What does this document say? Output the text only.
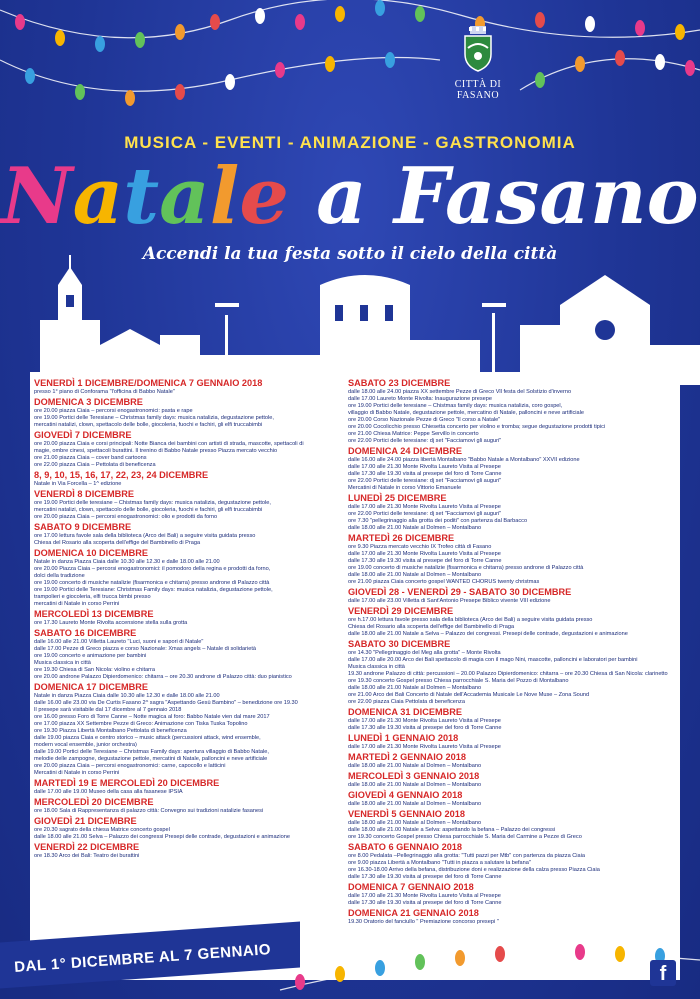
CITTÀ DI FASANO
MUSICA - EVENTI - ANIMAZIONE - GASTRONOMIA
Natale a Fasano
Accendi la tua festa sotto il cielo della città
VENERDÌ 1 DICEMBRE/DOMENICA 7 GENNAIO 2018
presso 1° piano di Conforama "l'officina di Babbo Natale"
DOMENICA 3 DICEMBRE
ore 20.00 piazza Ciaia – percorsi enogastronomici: pasta e rape
ore 19.00 Portici delle Teresiane – Christmas family days: musica natalizia, degustazione pettole,
mercatini natalizi, clown, spettacolo delle bolle, giocoleria, fuochi e fachiri, gli elfi truccabimbi
GIOVEDÌ 7 DICEMBRE
ore 20.00 piazza Ciaia e corsi principali: Notte Bianca dei bambini con artisti di strada, mascotte, spettacoli di
magie, ombre cinesi, spettacoli burattini. Il trenino di Babbo Natale presso Piazza mercato vecchio
ore 21.00 piazza Ciaia – cover band cartoons
ore 22.00 piazza Ciaia – Pettolata di beneficenza
8, 9, 10, 15, 16, 17, 22, 23, 24 DICEMBRE
Natale in Via Forcella – 1^ edizione
VENERDÌ 8 DICEMBRE
ore 19.00 Portici delle teresiane – Chistmas family days: musica natalizia, degustazione pettole,
mercatini natalizi, clown, spettacolo delle bolle, giocoleria, fuochi e fachiri, gli elfi truccabimbi
ore 20.00 piazza Ciaia – percorsi enogastronomici: olio e prodotti da forno
SABATO 9 DICEMBRE
ore 17.00 lettura favole sala della biblioteca (Arco dei Bali) a seguire visita guidata presso
Chiesa del Rosario alla scoperta dell'effige del Bambinello di Praga
DOMENICA 10 DICEMBRE
Natale in danza Piazza Ciaia dalle 10.30 alle 12.30 e dalle 18.00 alle 21.00
ore 20.00 Piazza Ciaia – percorsi enogastronomici: il pomodoro della regina e prodotti da forno,
dolci della tradizione
ore 19.00 concerto di musiche natalizie (fisarmonica e chitarra) presso androne di Palazzo città
ore 19.00 Portici delle Teresiane: Christmas Family days: musica natalizia, degustazione pettole,
trampolieri e giocoleria, elfi trucca bimbi presso
mercatini di Natale in corso Perrini
MERCOLEDÌ 13 DICEMBRE
ore 17.30 Laureto Monte Rivolta accensione stella sulla grotta
SABATO 16 DICEMBRE
dalle 16.00 alle 21.00 Villetta Laureto "Luci, suoni e sapori di Natale"
dalle 17.00 Pezze di Greco piazza e corso Nazionale: Xmas angels – Natale di solidarietà
ore 19.00 concerto e animazione per bambini
Musica classica in città
ore 19.30 Chiesa di San Nicola: violino e chitarra
ore 20.00 androne Palazzo Dipierdomenico: chitarra – ore 20.30 androne di Palazzo città: duo pianistico
DOMENICA 17 DICEMBRE
Natale in danza Piazza Ciaia dalle 10.30 alle 12.30 e dalle 18.00 alle 21.00
dalle 16.00 alle 23.00 via De Curtis Fasano 2^ sagra "Aspettando Gesù Bambino" – benedizione ore 19.30
Il presepe sarà visitabile dal 17 dicembre al 7 gennaio 2018
ore 16.00 presso Foro di Torre Canne – Notte magica al foro: Babbo Natale vien dal mare 2017
ore 17.00 piazza XX Settembre Pezze di Greco: Animazione con Tiska Tuska Topolino
ore 19.30 Piazza Libertà Montalbano Pettolata di beneficenza
dalle 19.00 piazza Ciaia e centro storico – music attack (percussioni attack, wind ensemble,
modern vocal ensemble, junior orchestra)
dalle 19.00 Portici delle Teresiane – Christmas Family days: apertura villaggio di Babbo Natale,
melodie delle zampogne, degustazione pettole, mercatini di Natale, palloncini e neve artificiale
ore 20.00 piazza Ciaia – percorsi enogastronomici: carne, capocollo e latticini
Mercatini di Natale in corso Perrini
MARTEDÌ 19 E MERCOLEDÌ 20 DICEMBRE
dalle 17.00 alle 19.00 Museo della casa alla fasanese IPSIA
MERCOLEDÌ 20 DICEMBRE
ore 18.00 Sala di Rappresentanza di palazzo città: Convegno sui tradizioni natalizie fasanesi
GIOVEDÌ 21 DICEMBRE
ore 20.30 sagrato della chiesa Matrice concerto gospel
dalle 18.00 alle 21.00 Selva – Palazzo dei congressi Presepi delle contrade, degustazioni e animazione
VENERDÌ 22 DICEMBRE
ore 18.30 Arco dei Bali: Teatro dei burattini
SABATO 23 DICEMBRE
dalle 18.00 alle 24.00 piazza XX settembre Pezze di Greco Vll festa del Solstizio d'inverno
dalle 17.00 Laureto Monte Rivolta: Inaugurazione presepe
ore 19.00 Portici delle teresiane – Chistmas family days: musica natalizia, coro gospel,
villaggio di Babbo Natale, degustazione pettole, mercatino di Natale, palloncini e neve artificiale
ore 20.00 Corso Nazionale Pezze di Greco "Il corso a Natale"
ore 20.00 Cocolicchio presso Chiesetta concerto per violino e tromba; segue degustazione prodotti tipici
ore 21.00 Chiesa Matrice: Peppe Servillo in concerto
ore 22.00 Portici delle teresiane: dj set "Facciamovi gli auguri"
DOMENICA 24 DICEMBRE
dalle 16.00 alle 24.00 piazza libertà Montalbano "Babbo Natale a Montalbano" XXVII edizione
dalle 17.00 alle 21.30 Monte Rivolta Laureto Visita al Presepe
dalle 17.30 alle 19.30 visita al presepe del foro di Torre Canne
ore 22.00 Portici delle teresiane: dj set "Facciamovi gli auguri"
Mercatini di Natale in corso Vittorio Emanuele
LUNEDÌ 25 DICEMBRE
dalle 17.00 alle 21.30 Monte Rivolta Laureto Visita al Presepe
ore 22.00 Portici delle teresiane: dj set "Facciamovi gli auguri"
ore 7.30 "pellegrinaggio alla grotta dei poditi" con partenza dal Barbacco
dalle 18.00 alle 21.00 Natale al Dolmen – Montalbano
MARTEDÌ 26 DICEMBRE
ore 9.30 Piazza mercato vecchio IX Trofeo città di Fasano
dalle 17.00 alle 21.30 Monte Rivolta Laureto Visita al Presepe
dalle 17.30 alle 19.30 visita al presepe del foro di Torre Canne
ore 19.00 concerto di musiche natalizie (fisarmonica e chitarra) presso androne di Palazzo città
dalle 18.00 alle 21.00 Natale al Dolmen – Montalbano
ore 21.00 piazza Ciaia concerto gospel WANTED CHORUS twenty christmas
GIOVEDÌ 28 - VENERDÌ 29 - SABATO 30 DICEMBRE
dalle 17.00 alle 23.00 Villetta di Sant'Antonio Presepe Biblico vivente VIII edizione
VENERDÌ 29 DICEMBRE
ore h.17.00 lettura favole presso sala della biblioteca (Arco dei Bali) a seguire visita guidata presso
Chiesa del Rosario alla scoperta dell'effige del Bambinello di Praga
dalle 18.00 alle 21.00 Natale a Selva – Palazzo dei congressi. Presepi delle contrade, degustazioni e animazione
SABATO 30 DICEMBRE
ore 14.30 "Pellegrinaggio del Meg alla grotta" – Monte Rivolta
dalle 17.00 alle 20.00 Arco dei Bali spettacolo di magia con il mago Nini, mascotte, palloncini e laboratori per bambini
Musica classica in città
19.30 androne Palazzo di città: percussioni – 20.00 Palazzo Dipierdomenico: chitarra – ore 20.30 Chiesa di San Nicola: clarinetto
ore 19.30 concerto Gospel presso Chiesa parrocchiale S. Maria del Pozzo di Montalbano
dalle 18.00 alle 21.00 Natale al Dolmen – Montalbano
ore 21.00 Arco dei Bali Concerto di Natale dell'Accademia Musicale Le Nove Muse – Zona Sound
ore 22.00 piazza Ciaia Pettolata di beneficenza
DOMENICA 31 DICEMBRE
dalle 17.00 alle 21.30 Monte Rivolta Laureto Visita al Presepe
dalle 17.30 alle 19.30 visita al presepe del foro di Torre Canne
LUNEDÌ 1 GENNAIO 2018
dalle 17.00 alle 21.30 Monte Rivolta Laureto Visita al Presepe
MARTEDÌ 2 GENNAIO 2018
dalle 18.00 alle 21.00 Natale al Dolmen – Montalbano
MERCOLEDÌ 3 GENNAIO 2018
dalle 18.00 alle 21.00 Natale al Dolmen – Montalbano
GIOVEDÌ 4 GENNAIO 2018
dalle 18.00 alle 21.00 Natale al Dolmen – Montalbano
VENERDÌ 5 GENNAIO 2018
dalle 18.00 alle 21.00 Natale al Dolmen – Montalbano
dalle 18.00 alle 21.00 Natale a Selva: aspettando la befana – Palazzo dei congressi
ore 19.30 concerto Gospel presso Chiesa parrocchiale S. Maria del Carmine a Pezze di Greco
SABATO 6 GENNAIO 2018
ore 8.00 Pedalata –Pellegrinaggio alla grotta: "Tutti pazzi per Mtb" con partenza da piazza Ciaia
ore 9.00 piazza Libertà a Montalbano "Tutti in piazza a salutare la befana"
ore 16.30-18.00 Arrivo della befana, distribuzione doni e realizzazione della calza presso Piazza Ciaia
dalle 17.30 alle 19.30 visita al presepe del foro di Torre Canne
DOMENICA 7 GENNAIO 2018
dalle 17.00 alle 21.30 Monte Rivolta Laureto Visita al Presepe
dalle 17.30 alle 19.30 visita al presepe del foro di Torre Canne
DOMENICA 21 GENNAIO 2018
19.30 Oratorio del fanciullo " Premiazione concorso presepi "
DAL 1° DICEMBRE AL 7 GENNAIO	f
